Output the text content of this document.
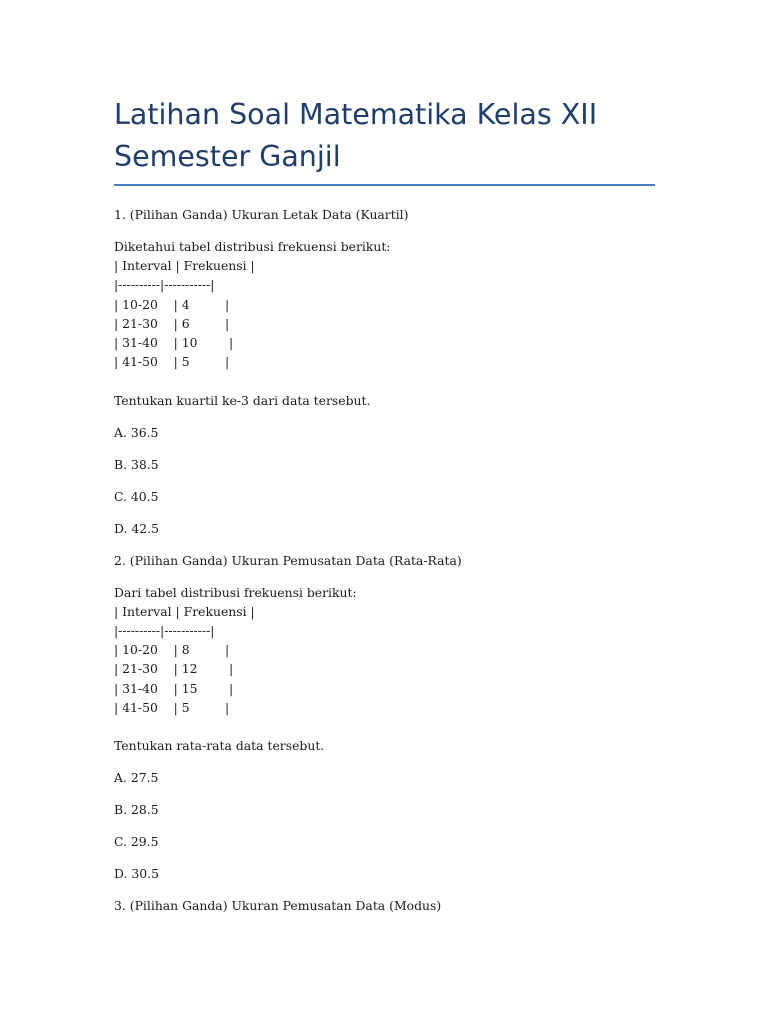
Latihan Soal Matematika Kelas XII
Semester Ganjil

1. (Pilihan Ganda) Ukuran Letak Data (Kuartil)

Diketahui tabel distribusi frekuensi berikut:

| Interval | Frekuensi |

|----------|-----------|

| 10-20    | 4         |

| 21-30    | 6         |

| 31-40    | 10        |

| 41-50    | 5         |

Tentukan kuartil ke-3 dari data tersebut.

A. 36.5

B. 38.5

C. 40.5

D. 42.5

2. (Pilihan Ganda) Ukuran Pemusatan Data (Rata-Rata)

Dari tabel distribusi frekuensi berikut:

| Interval | Frekuensi |

|----------|-----------|

| 10-20    | 8         |

| 21-30    | 12        |

| 31-40    | 15        |

| 41-50    | 5         |

Tentukan rata-rata data tersebut.

A. 27.5

B. 28.5

C. 29.5

D. 30.5

3. (Pilihan Ganda) Ukuran Pemusatan Data (Modus)
